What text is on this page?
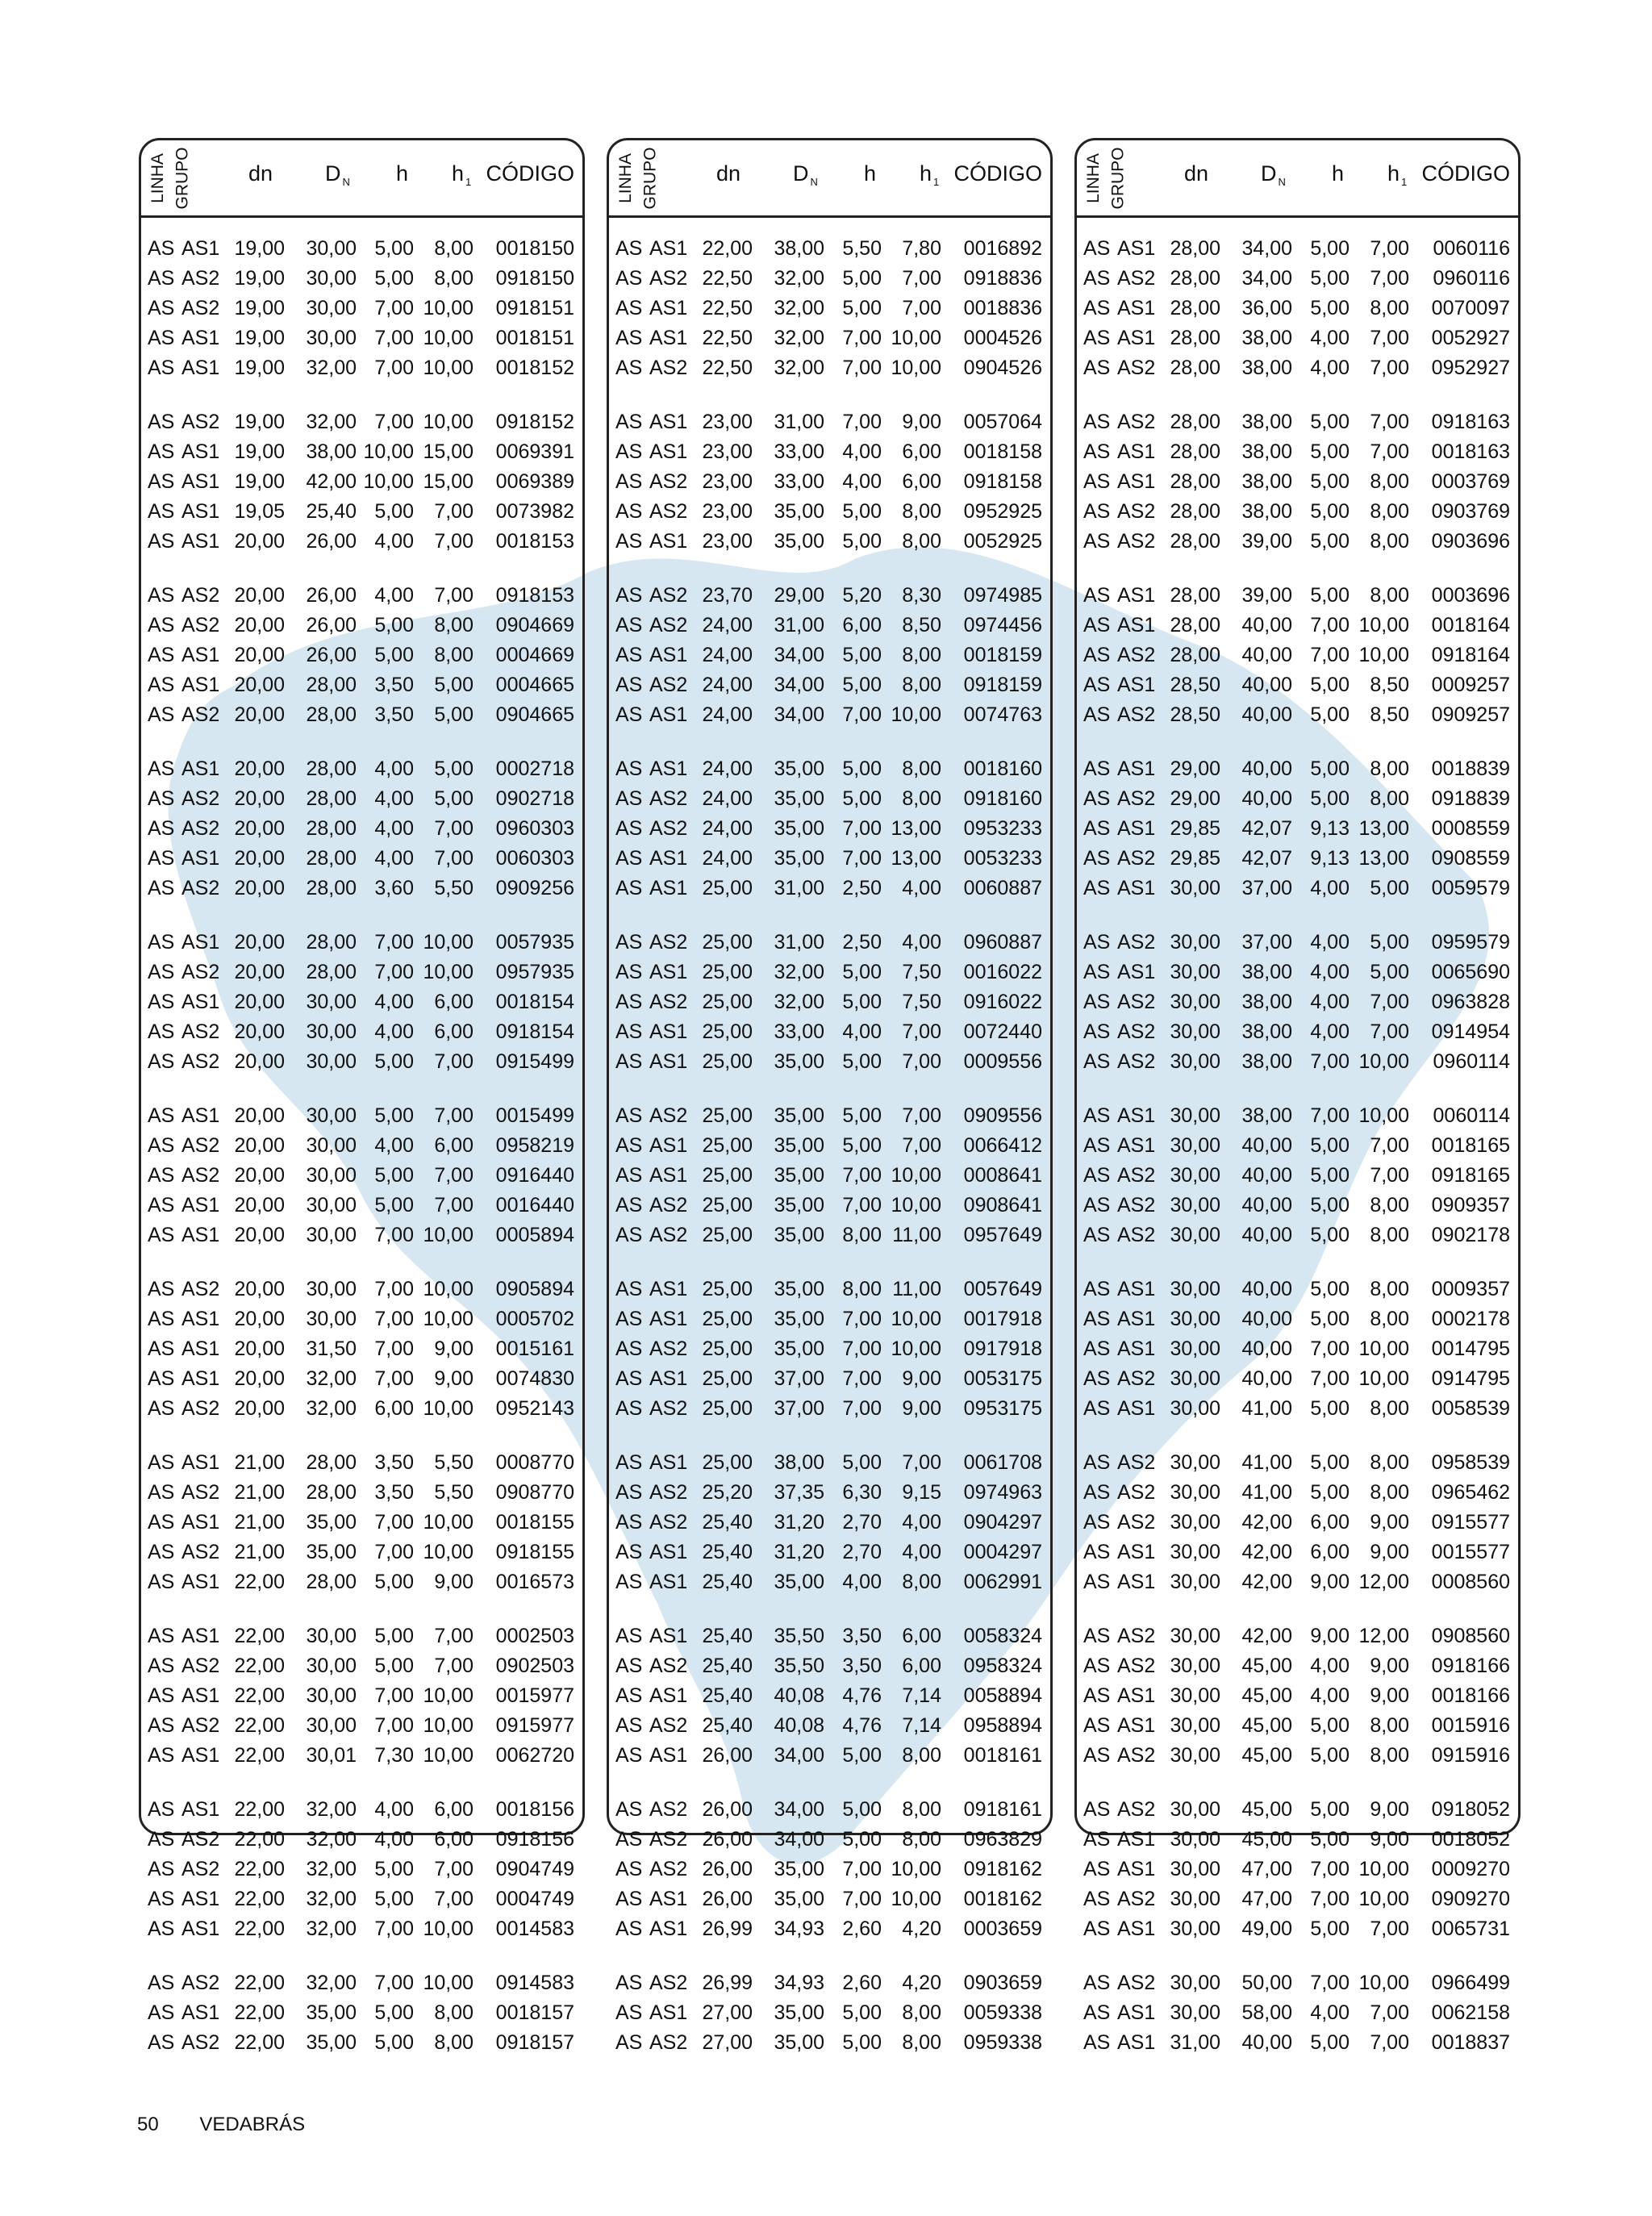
LINHA GRUPO	dn D $_N$ h h $_1$ CÓDIGO
AS AS1 19,00 30,00 5,00 8,00 0018150
AS AS2 19,00 30,00 5,00 8,00 0918150
AS AS2 19,00 30,00 7,00 10,00 0918151
AS AS1 19,00 30,00 7,00 10,00 0018151
AS AS1 19,00 32,00 7,00 10,00 0018152
AS AS2 19,00 32,00 7,00 10,00 0918152
AS AS1 19,00 38,00 10,00 15,00 0069391
AS AS1 19,00 42,00 10,00 15,00 0069389
AS AS1 19,05 25,40 5,00 7,00 0073982
AS AS1 20,00 26,00 4,00 7,00 0018153
AS AS2 20,00 26,00 4,00 7,00 0918153
AS AS2 20,00 26,00 5,00 8,00 0904669
AS AS1 20,00 26,00 5,00 8,00 0004669
AS AS1 20,00 28,00 3,50 5,00 0004665
AS AS2 20,00 28,00 3,50 5,00 0904665
AS AS1 20,00 28,00 4,00 5,00 0002718
AS AS2 20,00 28,00 4,00 5,00 0902718
AS AS2 20,00 28,00 4,00 7,00 0960303
AS AS1 20,00 28,00 4,00 7,00 0060303
AS AS2 20,00 28,00 3,60 5,50 0909256
AS AS1 20,00 28,00 7,00 10,00 0057935
AS AS2 20,00 28,00 7,00 10,00 0957935
AS AS1 20,00 30,00 4,00 6,00 0018154
AS AS2 20,00 30,00 4,00 6,00 0918154
AS AS2 20,00 30,00 5,00 7,00 0915499
AS AS1 20,00 30,00 5,00 7,00 0015499
AS AS2 20,00 30,00 4,00 6,00 0958219
AS AS2 20,00 30,00 5,00 7,00 0916440
AS AS1 20,00 30,00 5,00 7,00 0016440
AS AS1 20,00 30,00 7,00 10,00 0005894
AS AS2 20,00 30,00 7,00 10,00 0905894
AS AS1 20,00 30,00 7,00 10,00 0005702
AS AS1 20,00 31,50 7,00 9,00 0015161
AS AS1 20,00 32,00 7,00 9,00 0074830
AS AS2 20,00 32,00 6,00 10,00 0952143
AS AS1 21,00 28,00 3,50 5,50 0008770
AS AS2 21,00 28,00 3,50 5,50 0908770
AS AS1 21,00 35,00 7,00 10,00 0018155
AS AS2 21,00 35,00 7,00 10,00 0918155
AS AS1 22,00 28,00 5,00 9,00 0016573
AS AS1 22,00 30,00 5,00 7,00 0002503
AS AS2 22,00 30,00 5,00 7,00 0902503
AS AS1 22,00 30,00 7,00 10,00 0015977
AS AS2 22,00 30,00 7,00 10,00 0915977
AS AS1 22,00 30,01 7,30 10,00 0062720
AS AS1 22,00 32,00 4,00 6,00 0018156
AS AS2 22,00 32,00 4,00 6,00 0918156
AS AS2 22,00 32,00 5,00 7,00 0904749
AS AS1 22,00 32,00 5,00 7,00 0004749
AS AS1 22,00 32,00 7,00 10,00 0014583
AS AS2 22,00 32,00 7,00 10,00 0914583
AS AS1 22,00 35,00 5,00 8,00 0018157
AS AS2 22,00 35,00 5,00 8,00 0918157
LINHA GRUPO	dn D $_N$ h h $_1$ CÓDIGO
AS AS1 22,00 38,00 5,50 7,80 0016892
AS AS2 22,50 32,00 5,00 7,00 0918836
AS AS1 22,50 32,00 5,00 7,00 0018836
AS AS1 22,50 32,00 7,00 10,00 0004526
AS AS2 22,50 32,00 7,00 10,00 0904526
AS AS1 23,00 31,00 7,00 9,00 0057064
AS AS1 23,00 33,00 4,00 6,00 0018158
AS AS2 23,00 33,00 4,00 6,00 0918158
AS AS2 23,00 35,00 5,00 8,00 0952925
AS AS1 23,00 35,00 5,00 8,00 0052925
AS AS2 23,70 29,00 5,20 8,30 0974985
AS AS2 24,00 31,00 6,00 8,50 0974456
AS AS1 24,00 34,00 5,00 8,00 0018159
AS AS2 24,00 34,00 5,00 8,00 0918159
AS AS1 24,00 34,00 7,00 10,00 0074763
AS AS1 24,00 35,00 5,00 8,00 0018160
AS AS2 24,00 35,00 5,00 8,00 0918160
AS AS2 24,00 35,00 7,00 13,00 0953233
AS AS1 24,00 35,00 7,00 13,00 0053233
AS AS1 25,00 31,00 2,50 4,00 0060887
AS AS2 25,00 31,00 2,50 4,00 0960887
AS AS1 25,00 32,00 5,00 7,50 0016022
AS AS2 25,00 32,00 5,00 7,50 0916022
AS AS1 25,00 33,00 4,00 7,00 0072440
AS AS1 25,00 35,00 5,00 7,00 0009556
AS AS2 25,00 35,00 5,00 7,00 0909556
AS AS1 25,00 35,00 5,00 7,00 0066412
AS AS1 25,00 35,00 7,00 10,00 0008641
AS AS2 25,00 35,00 7,00 10,00 0908641
AS AS2 25,00 35,00 8,00 11,00 0957649
AS AS1 25,00 35,00 8,00 11,00 0057649
AS AS1 25,00 35,00 7,00 10,00 0017918
AS AS2 25,00 35,00 7,00 10,00 0917918
AS AS1 25,00 37,00 7,00 9,00 0053175
AS AS2 25,00 37,00 7,00 9,00 0953175
AS AS1 25,00 38,00 5,00 7,00 0061708
AS AS2 25,20 37,35 6,30 9,15 0974963
AS AS2 25,40 31,20 2,70 4,00 0904297
AS AS1 25,40 31,20 2,70 4,00 0004297
AS AS1 25,40 35,00 4,00 8,00 0062991
AS AS1 25,40 35,50 3,50 6,00 0058324
AS AS2 25,40 35,50 3,50 6,00 0958324
AS AS1 25,40 40,08 4,76 7,14 0058894
AS AS2 25,40 40,08 4,76 7,14 0958894
AS AS1 26,00 34,00 5,00 8,00 0018161
AS AS2 26,00 34,00 5,00 8,00 0918161
AS AS2 26,00 34,00 5,00 8,00 0963829
AS AS2 26,00 35,00 7,00 10,00 0918162
AS AS1 26,00 35,00 7,00 10,00 0018162
AS AS1 26,99 34,93 2,60 4,20 0003659
AS AS2 26,99 34,93 2,60 4,20 0903659
AS AS1 27,00 35,00 5,00 8,00 0059338
AS AS2 27,00 35,00 5,00 8,00 0959338
LINHA GRUPO	dn D $_N$ h h $_1$ CÓDIGO
AS AS1 28,00 34,00 5,00 7,00 0060116
AS AS2 28,00 34,00 5,00 7,00 0960116
AS AS1 28,00 36,00 5,00 8,00 0070097
AS AS1 28,00 38,00 4,00 7,00 0052927
AS AS2 28,00 38,00 4,00 7,00 0952927
AS AS2 28,00 38,00 5,00 7,00 0918163
AS AS1 28,00 38,00 5,00 7,00 0018163
AS AS1 28,00 38,00 5,00 8,00 0003769
AS AS2 28,00 38,00 5,00 8,00 0903769
AS AS2 28,00 39,00 5,00 8,00 0903696
AS AS1 28,00 39,00 5,00 8,00 0003696
AS AS1 28,00 40,00 7,00 10,00 0018164
AS AS2 28,00 40,00 7,00 10,00 0918164
AS AS1 28,50 40,00 5,00 8,50 0009257
AS AS2 28,50 40,00 5,00 8,50 0909257
AS AS1 29,00 40,00 5,00 8,00 0018839
AS AS2 29,00 40,00 5,00 8,00 0918839
AS AS1 29,85 42,07 9,13 13,00 0008559
AS AS2 29,85 42,07 9,13 13,00 0908559
AS AS1 30,00 37,00 4,00 5,00 0059579
AS AS2 30,00 37,00 4,00 5,00 0959579
AS AS1 30,00 38,00 4,00 5,00 0065690
AS AS2 30,00 38,00 4,00 7,00 0963828
AS AS2 30,00 38,00 4,00 7,00 0914954
AS AS2 30,00 38,00 7,00 10,00 0960114
AS AS1 30,00 38,00 7,00 10,00 0060114
AS AS1 30,00 40,00 5,00 7,00 0018165
AS AS2 30,00 40,00 5,00 7,00 0918165
AS AS2 30,00 40,00 5,00 8,00 0909357
AS AS2 30,00 40,00 5,00 8,00 0902178
AS AS1 30,00 40,00 5,00 8,00 0009357
AS AS1 30,00 40,00 5,00 8,00 0002178
AS AS1 30,00 40,00 7,00 10,00 0014795
AS AS2 30,00 40,00 7,00 10,00 0914795
AS AS1 30,00 41,00 5,00 8,00 0058539
AS AS2 30,00 41,00 5,00 8,00 0958539
AS AS2 30,00 41,00 5,00 8,00 0965462
AS AS2 30,00 42,00 6,00 9,00 0915577
AS AS1 30,00 42,00 6,00 9,00 0015577
AS AS1 30,00 42,00 9,00 12,00 0008560
AS AS2 30,00 42,00 9,00 12,00 0908560
AS AS2 30,00 45,00 4,00 9,00 0918166
AS AS1 30,00 45,00 4,00 9,00 0018166
AS AS1 30,00 45,00 5,00 8,00 0015916
AS AS2 30,00 45,00 5,00 8,00 0915916
AS AS2 30,00 45,00 5,00 9,00 0918052
AS AS1 30,00 45,00 5,00 9,00 0018052
AS AS1 30,00 47,00 7,00 10,00 0009270
AS AS2 30,00 47,00 7,00 10,00 0909270
AS AS1 30,00 49,00 5,00 7,00 0065731
AS AS2 30,00 50,00 7,00 10,00 0966499
AS AS1 30,00 58,00 4,00 7,00 0062158
AS AS1 31,00 40,00 5,00 7,00 0018837
50 VEDABRÁS
